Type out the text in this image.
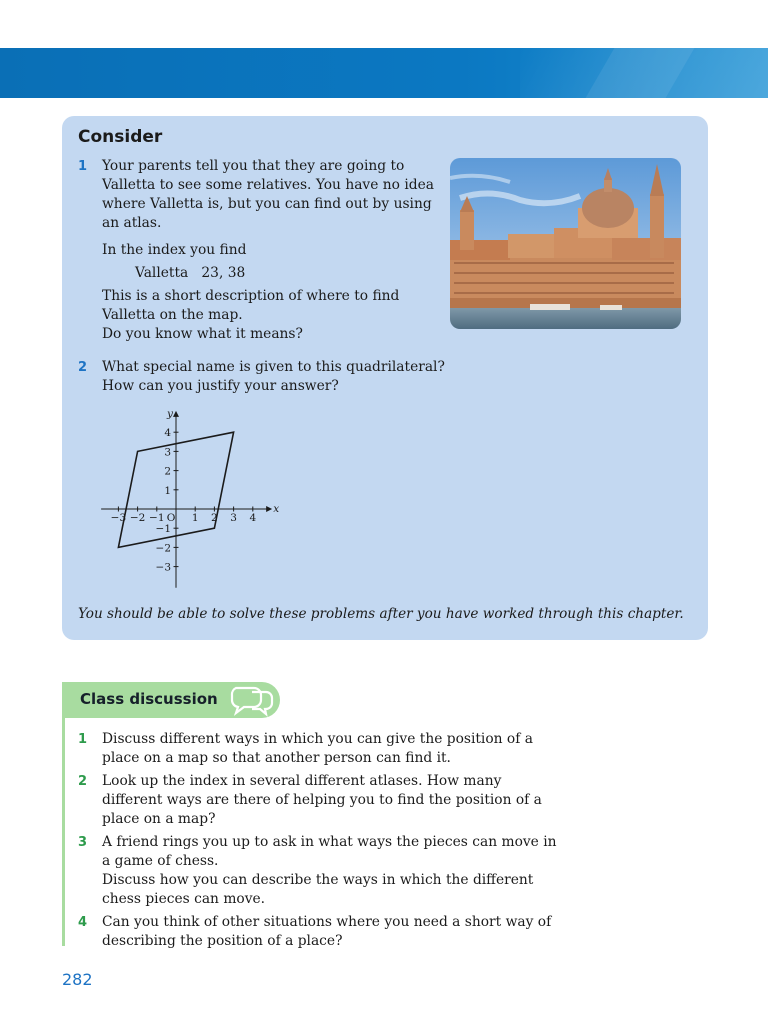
16 Coordinates
Consider
1 Your parents tell you that they are going to
Valletta to see some relatives. You have no idea
where Valletta is, but you can find out by using
an atlas.
In the index you find
Valletta   23, 38
This is a short description of where to find
Valletta on the map.
Do you know what it means?
2 What special name is given to this quadrilateral?
How can you justify your answer?
x
y
O
−3 −2 −1	1 2 3 4
1
2
3
4
−1
−2
−3
You should be able to solve these problems after you have worked through this chapter.
Class discussion
1 Discuss different ways in which you can give the position of a
place on a map so that another person can find it.
2 Look up the index in several different atlases. How many
different ways are there of helping you to find the position of a
place on a map?
3 A friend rings you up to ask in what ways the pieces can move in
a game of chess.
Discuss how you can describe the ways in which the different
chess pieces can move.
4 Can you think of other situations where you need a short way of
describing the position of a place?
282
